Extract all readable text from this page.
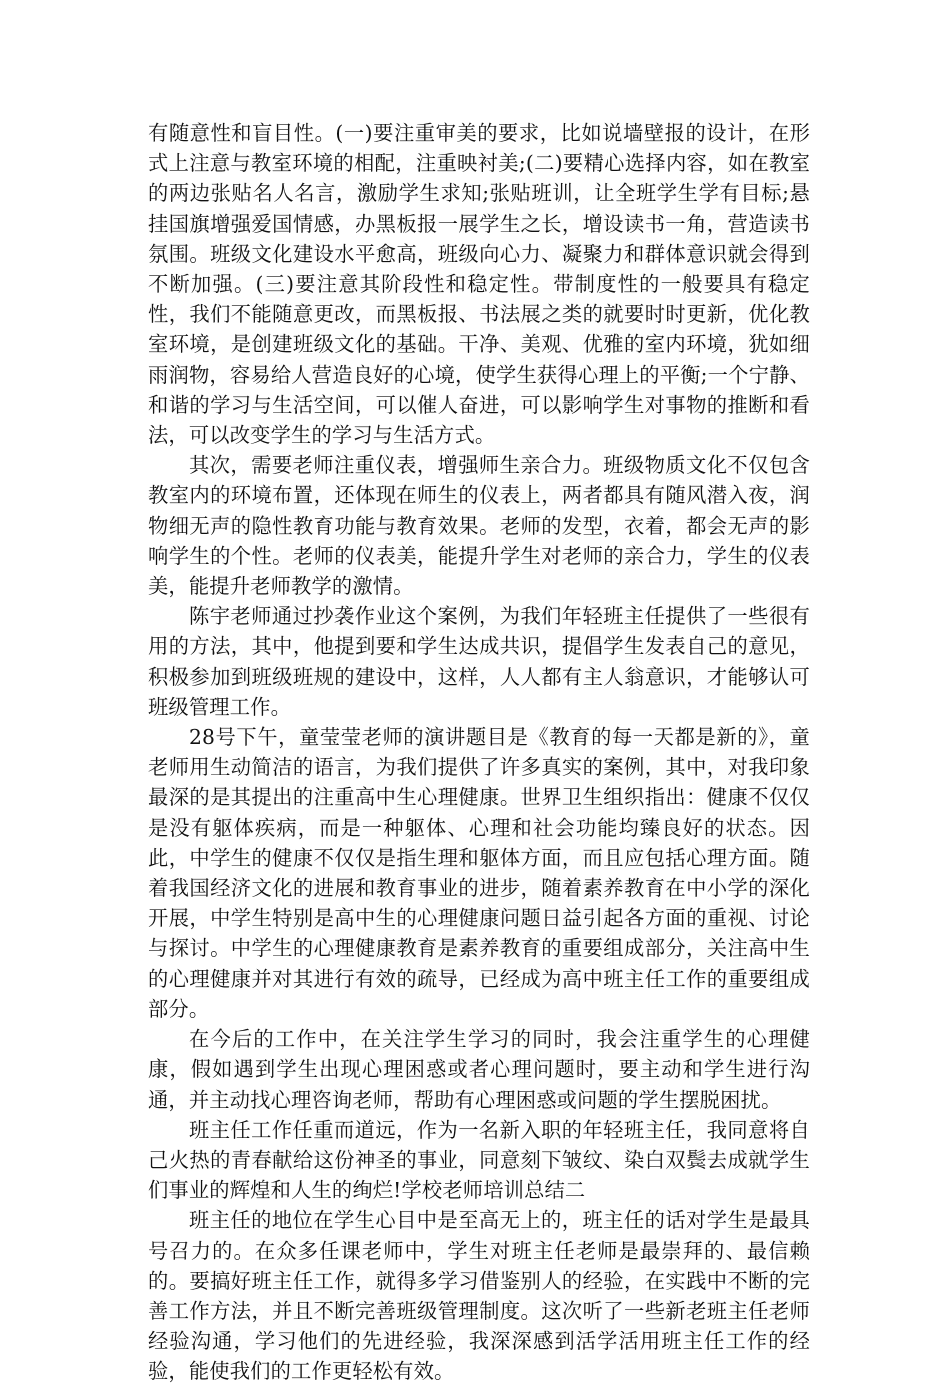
有随意性和盲目性。(一)要注重审美的要求，比如说墙壁报的设计，在形式上注意与教室环境的相配，注重映衬美;(二)要精心选择内容，如在教室的两边张贴名人名言，激励学生求知;张贴班训，让全班学生学有目标;悬挂国旗增强爱国情感，办黑板报一展学生之长，增设读书一角，营造读书氛围。班级文化建设水平愈高，班级向心力、凝聚力和群体意识就会得到不断加强。(三)要注意其阶段性和稳定性。带制度性的一般要具有稳定性，我们不能随意更改，而黑板报、书法展之类的就要时时更新，优化教室环境，是创建班级文化的基础。干净、美观、优雅的室内环境，犹如细雨润物，容易给人营造良好的心境，使学生获得心理上的平衡;一个宁静、和谐的学习与生活空间，可以催人奋进，可以影响学生对事物的推断和看法，可以改变学生的学习与生活方式。

其次，需要老师注重仪表，增强师生亲合力。班级物质文化不仅包含教室内的环境布置，还体现在师生的仪表上，两者都具有随风潜入夜，润物细无声的隐性教育功能与教育效果。老师的发型，衣着，都会无声的影响学生的个性。老师的仪表美，能提升学生对老师的亲合力，学生的仪表美，能提升老师教学的激情。

陈宇老师通过抄袭作业这个案例，为我们年轻班主任提供了一些很有用的方法，其中，他提到要和学生达成共识，提倡学生发表自己的意见，积极参加到班级班规的建设中，这样，人人都有主人翁意识，才能够认可班级管理工作。

28号下午，童莹莹老师的演讲题目是《教育的每一天都是新的》，童老师用生动简洁的语言，为我们提供了许多真实的案例，其中，对我印象最深的是其提出的注重高中生心理健康。世界卫生组织指出：健康不仅仅是没有躯体疾病，而是一种躯体、心理和社会功能均臻良好的状态。因此，中学生的健康不仅仅是指生理和躯体方面，而且应包括心理方面。随着我国经济文化的进展和教育事业的进步，随着素养教育在中小学的深化开展，中学生特别是高中生的心理健康问题日益引起各方面的重视、讨论与探讨。中学生的心理健康教育是素养教育的重要组成部分，关注高中生的心理健康并对其进行有效的疏导，已经成为高中班主任工作的重要组成部分。

在今后的工作中，在关注学生学习的同时，我会注重学生的心理健康，假如遇到学生出现心理困惑或者心理问题时，要主动和学生进行沟通，并主动找心理咨询老师，帮助有心理困惑或问题的学生摆脱困扰。

班主任工作任重而道远，作为一名新入职的年轻班主任，我同意将自己火热的青春献给这份神圣的事业，同意刻下皱纹、染白双鬓去成就学生们事业的辉煌和人生的绚烂!学校老师培训总结二

班主任的地位在学生心目中是至高无上的，班主任的话对学生是最具号召力的。在众多任课老师中，学生对班主任老师是最崇拜的、最信赖的。要搞好班主任工作，就得多学习借鉴别人的经验，在实践中不断的完善工作方法，并且不断完善班级管理制度。这次听了一些新老班主任老师经验沟通，学习他们的先进经验，我深深感到活学活用班主任工作的经验，能使我们的工作更轻松有效。
